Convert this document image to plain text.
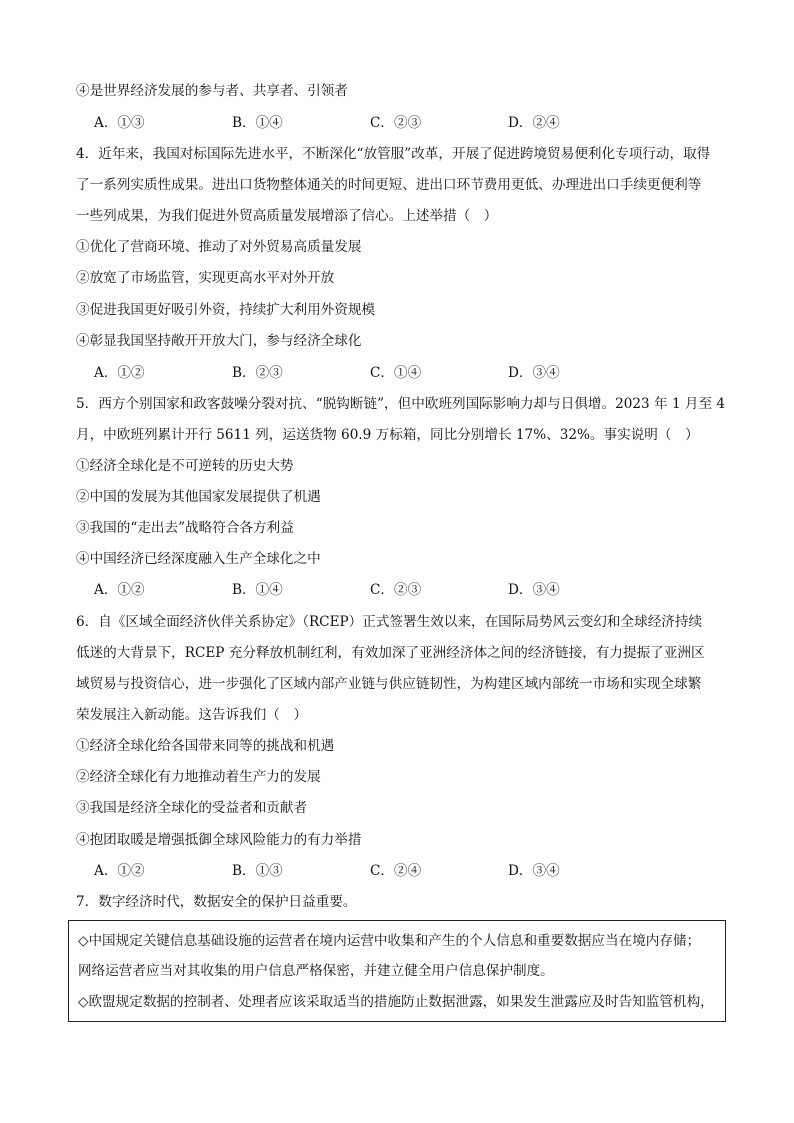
④是世界经济发展的参与者、共享者、引领者
A．①③	B．①④	C．②③	D．②④
4．近年来，我国对标国际先进水平，不断深化“放管服”改革，开展了促进跨境贸易便利化专项行动，取得
了一系列实质性成果。进出口货物整体通关的时间更短、进出口环节费用更低、办理进出口手续更便利等
一些列成果，为我们促进外贸高质量发展增添了信心。上述举措（　）
①优化了营商环境、推动了对外贸易高质量发展
②放宽了市场监管，实现更高水平对外开放
③促进我国更好吸引外资，持续扩大利用外资规模
④彰显我国坚持敞开开放大门，参与经济全球化
A．①②	B．②③	C．①④	D．③④
5．西方个别国家和政客鼓噪分裂对抗、“脱钩断链”，但中欧班列国际影响力却与日俱增。2023 年 1 月至 4
月，中欧班列累计开行 5611 列，运送货物 60.9 万标箱，同比分别增长 17%、32%。事实说明（　）
①经济全球化是不可逆转的历史大势
②中国的发展为其他国家发展提供了机遇
③我国的“走出去”战略符合各方利益
④中国经济已经深度融入生产全球化之中
A．①②	B．①④	C．②③	D．③④
6．自《区域全面经济伙伴关系协定》（RCEP）正式签署生效以来，在国际局势风云变幻和全球经济持续
低迷的大背景下，RCEP 充分释放机制红利，有效加深了亚洲经济体之间的经济链接，有力提振了亚洲区
域贸易与投资信心，进一步强化了区域内部产业链与供应链韧性，为构建区域内部统一市场和实现全球繁
荣发展注入新动能。这告诉我们（　）
①经济全球化给各国带来同等的挑战和机遇
②经济全球化有力地推动着生产力的发展
③我国是经济全球化的受益者和贡献者
④抱团取暖是增强抵御全球风险能力的有力举措
A．①②	B．①③	C．②④	D．③④
7．数字经济时代，数据安全的保护日益重要。
◇中国规定关键信息基础设施的运营者在境内运营中收集和产生的个人信息和重要数据应当在境内存储；
网络运营者应当对其收集的用户信息严格保密，并建立健全用户信息保护制度。
◇欧盟规定数据的控制者、处理者应该采取适当的措施防止数据泄露，如果发生泄露应及时告知监管机构，
